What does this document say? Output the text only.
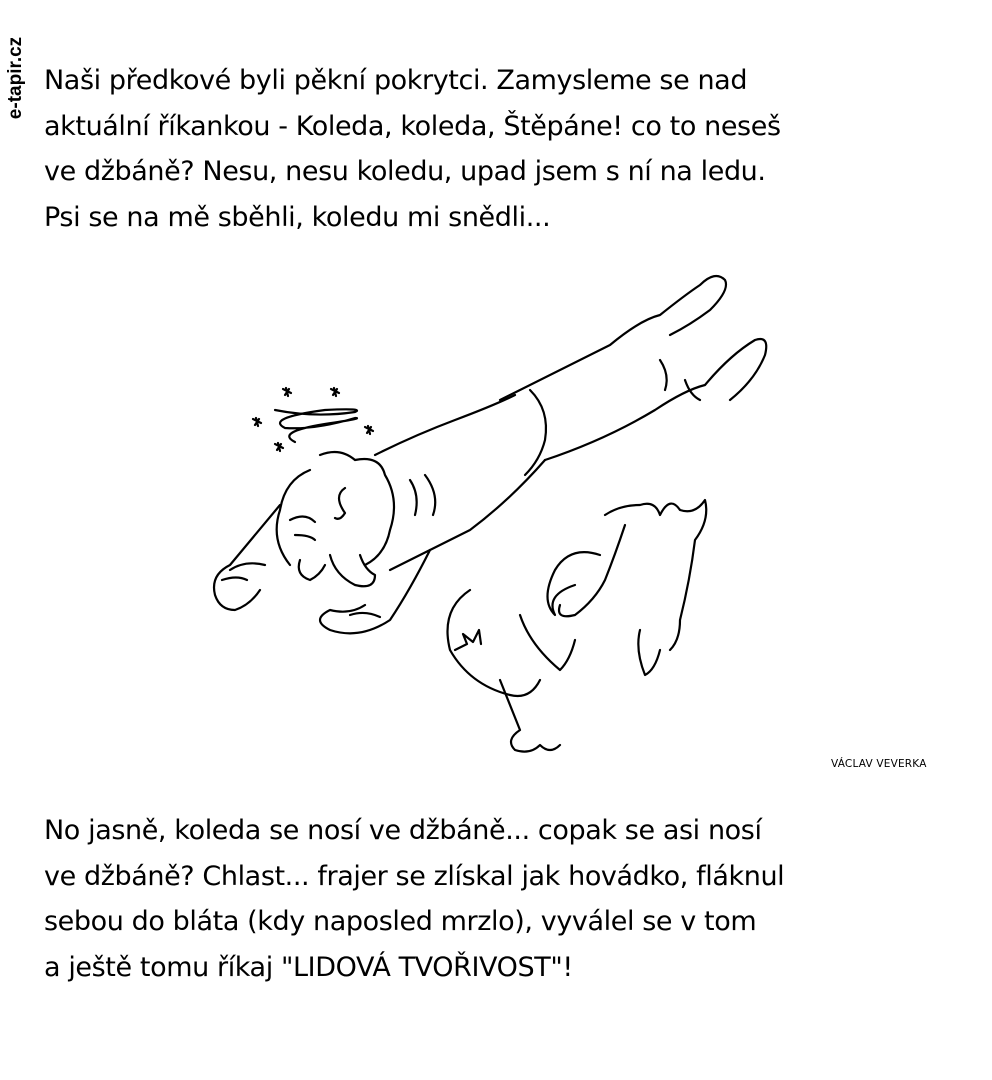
e-tapir.cz Naši předkové byli pěkní pokrytci. Zamysleme se nad
aktuální říkankou - Koleda, koleda, Štěpáne! co to neseš
ve džbáně? Nesu, nesu koledu, upad jsem s ní na ledu.
Psi se na mě sběhli, koledu mi snědli...
VÁCLAV VEVERKA
No jasně, koleda se nosí ve džbáně... copak se asi nosí
ve džbáně? Chlast... frajer se zlískal jak hovádko, fláknul
sebou do bláta (kdy naposled mrzlo), vyválel se v tom
a ještě tomu říkaj "LIDOVÁ TVOŘIVOST"!
